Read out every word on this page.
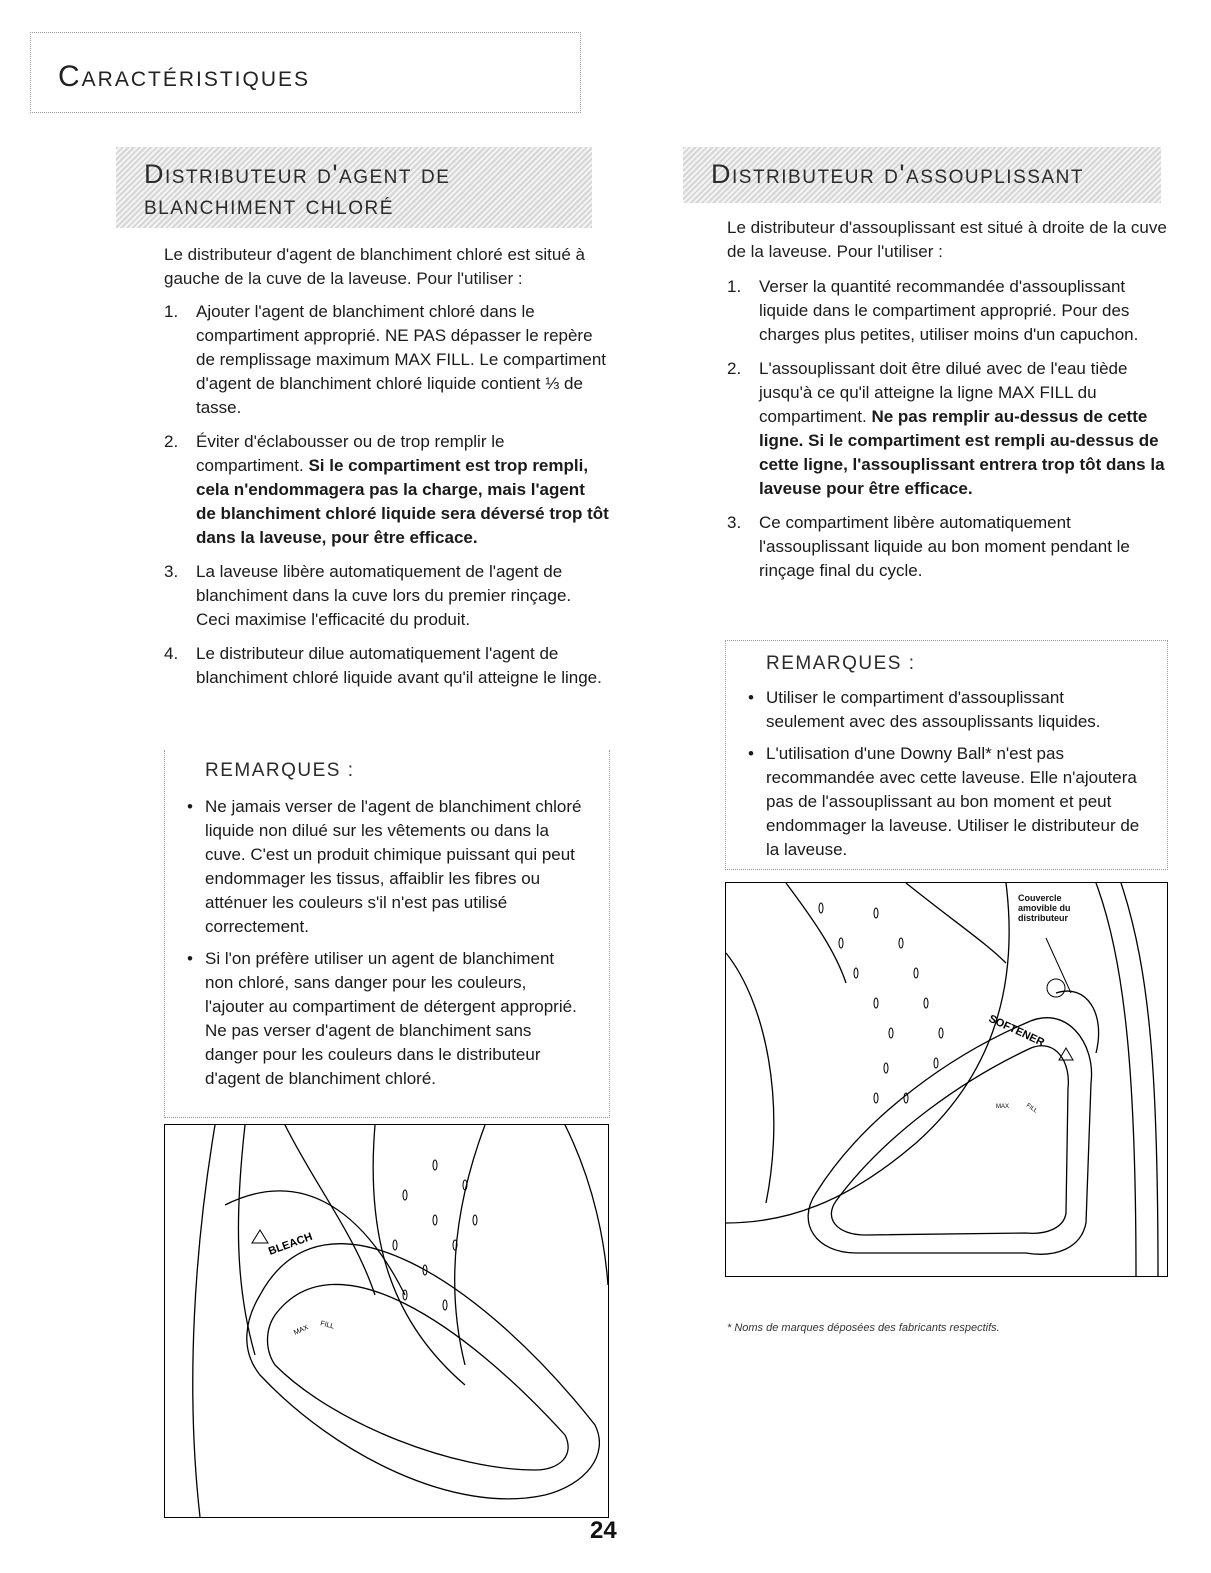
Caractéristiques
Distributeur d'agent de
blanchiment chloré
Le distributeur d'agent de blanchiment chloré est situé à gauche de la cuve de la laveuse. Pour l'utiliser :
1. Ajouter l'agent de blanchiment chloré dans le compartiment approprié. NE PAS dépasser le repère de remplissage maximum MAX FILL. Le compartiment d'agent de blanchiment chloré liquide contient ⅓ de tasse.
2. Éviter d'éclabousser ou de trop remplir le compartiment. Si le compartiment est trop rempli, cela n'endommagera pas la charge, mais l'agent de blanchiment chloré liquide sera déversé trop tôt dans la laveuse, pour être efficace.
3. La laveuse libère automatiquement de l'agent de blanchiment dans la cuve lors du premier rinçage. Ceci maximise l'efficacité du produit.
4. Le distributeur dilue automatiquement l'agent de blanchiment chloré liquide avant qu'il atteigne le linge.
REMARQUES :
• Ne jamais verser de l'agent de blanchiment chloré liquide non dilué sur les vêtements ou dans la cuve. C'est un produit chimique puissant qui peut endommager les tissus, affaiblir les fibres ou atténuer les couleurs s'il n'est pas utilisé correctement.
• Si l'on préfère utiliser un agent de blanchiment non chloré, sans danger pour les couleurs, l'ajouter au compartiment de détergent approprié. Ne pas verser d'agent de blanchiment sans danger pour les couleurs dans le distributeur d'agent de blanchiment chloré.
BLEACH
MAX FILL
Distributeur d'assouplissant
Le distributeur d'assouplissant est situé à droite de la cuve de la laveuse. Pour l'utiliser :
1. Verser la quantité recommandée d'assouplissant liquide dans le compartiment approprié. Pour des charges plus petites, utiliser moins d'un capuchon.
2. L'assouplissant doit être dilué avec de l'eau tiède jusqu'à ce qu'il atteigne la ligne MAX FILL du compartiment. Ne pas remplir au-dessus de cette ligne. Si le compartiment est rempli au-dessus de cette ligne, l'assouplissant entrera trop tôt dans la laveuse pour être efficace.
3. Ce compartiment libère automatiquement l'assouplissant liquide au bon moment pendant le rinçage final du cycle.
REMARQUES :
• Utiliser le compartiment d'assouplissant seulement avec des assouplissants liquides.
• L'utilisation d'une Downy Ball* n'est pas recommandée avec cette laveuse. Elle n'ajoutera pas de l'assouplissant au bon moment et peut endommager la laveuse. Utiliser le distributeur de la laveuse.
SOFTENER
MAX	FILL
Couvercle
amovible du
distributeur
* Noms de marques déposées des fabricants respectifs.
24
